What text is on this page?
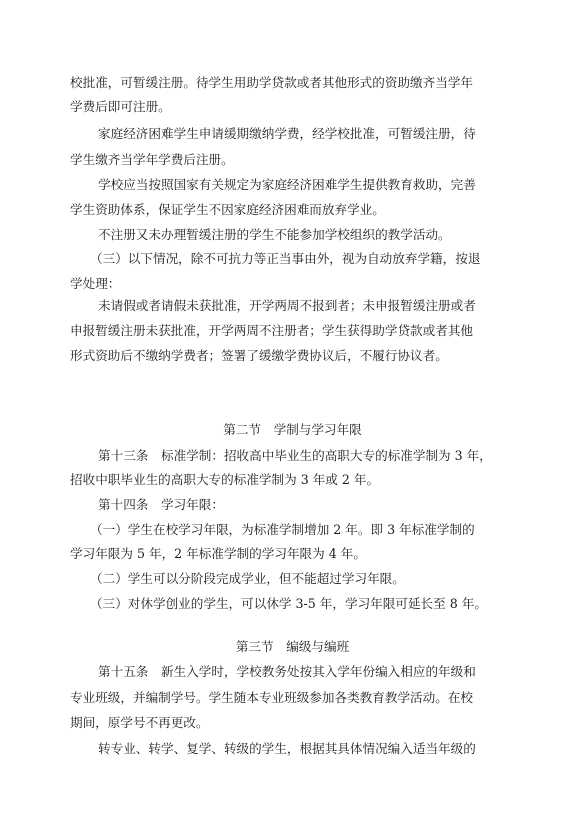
校批准，可暂缓注册。待学生用助学贷款或者其他形式的资助缴齐当学年
学费后即可注册。
家庭经济困难学生申请缓期缴纳学费，经学校批准，可暂缓注册，待
学生缴齐当学年学费后注册。
学校应当按照国家有关规定为家庭经济困难学生提供教育救助，完善
学生资助体系，保证学生不因家庭经济困难而放弃学业。
不注册又未办理暂缓注册的学生不能参加学校组织的教学活动。
（三）以下情况，除不可抗力等正当事由外，视为自动放弃学籍，按退
学处理：
未请假或者请假未获批准，开学两周不报到者；未申报暂缓注册或者
申报暂缓注册未获批准，开学两周不注册者；学生获得助学贷款或者其他
形式资助后不缴纳学费者；签署了缓缴学费协议后，不履行协议者。
第二节　学制与学习年限
第十三条　标准学制：招收高中毕业生的高职大专的标准学制为 3 年，
招收中职毕业生的高职大专的标准学制为 3 年或 2 年。
第十四条　学习年限：
（一）学生在校学习年限，为标准学制增加 2 年。即 3 年标准学制的
学习年限为 5 年，2 年标准学制的学习年限为 4 年。
（二）学生可以分阶段完成学业，但不能超过学习年限。
（三）对休学创业的学生，可以休学 3-5 年，学习年限可延长至 8 年。
第三节　编级与编班
第十五条　新生入学时，学校教务处按其入学年份编入相应的年级和
专业班级，并编制学号。学生随本专业班级参加各类教育教学活动。在校
期间，原学号不再更改。
转专业、转学、复学、转级的学生，根据其具体情况编入适当年级的
